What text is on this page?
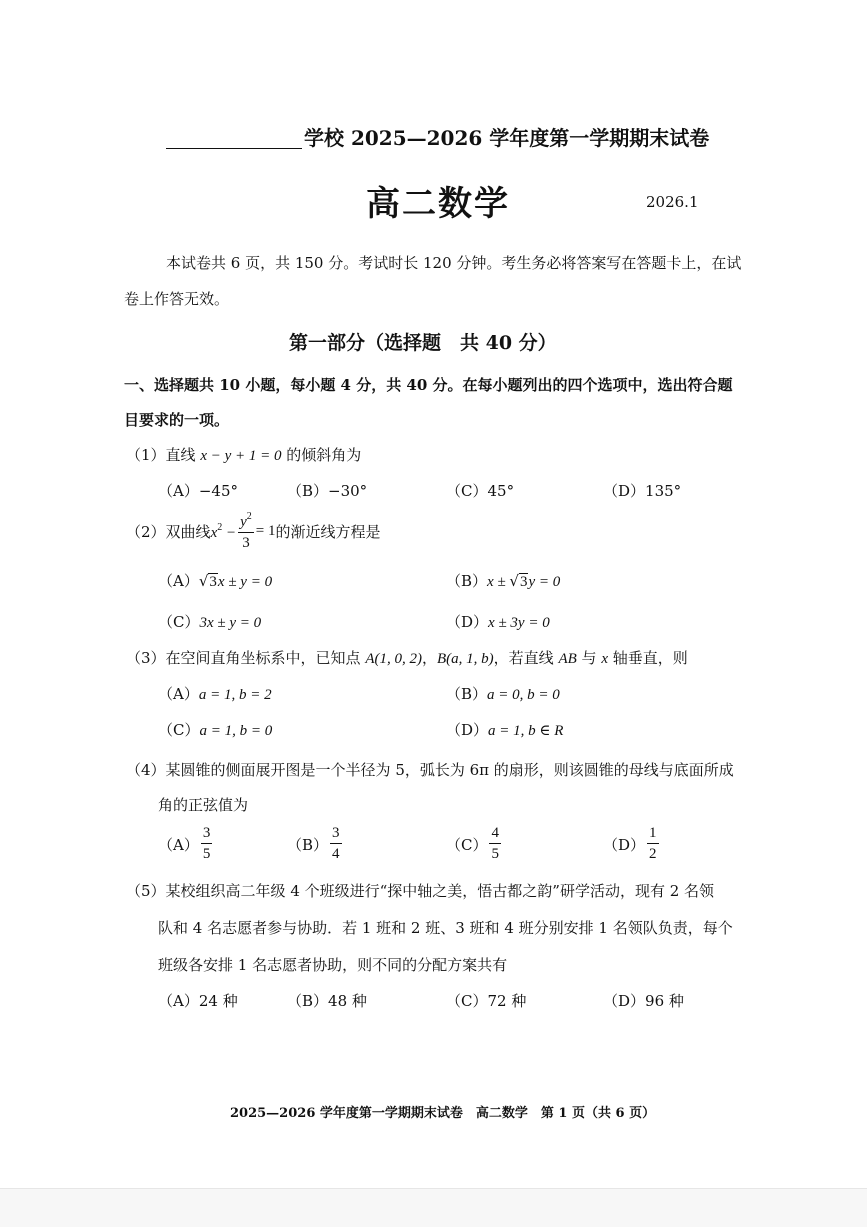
学校 2025—2026 学年度第一学期期末试卷
高二数学	2026.1
本试卷共 6 页，共 150 分。考试时长 120 分钟。考生务必将答案写在答题卡上，在试
卷上作答无效。
第一部分（选择题　共 40 分）
一、选择题共 10 小题，每小题 4 分，共 40 分。在每小题列出的四个选项中，选出符合题
目要求的一项。
（1）直线 x − y + 1 = 0 的倾斜角为
（A）−45°	（B）−30°	（C）45°	（D）135°
（2） 双曲线 $x^2 - \frac{y^2}{3} = 1$ 的渐近线方程是
（A）√3x ± y = 0	（B）x ± √3y = 0
（C）3x ± y = 0	（D）x ± 3y = 0
（3）在空间直角坐标系中，已知点 A(1, 0, 2)，B(a, 1, b)，若直线 AB 与 x 轴垂直，则
（A）a = 1, b = 2	（B）a = 0, b = 0
（C）a = 1, b = 0	（D）a = 1, b ∈ R
（4）某圆锥的侧面展开图是一个半径为 5，弧长为 6π 的扇形，则该圆锥的母线与底面所成
角的正弦值为
$(A) \frac{3}{5}$	$(B) \frac{3}{4}$	$(C) \frac{4}{5}$	$(D) \frac{1}{2}$
（5）某校组织高二年级 4 个班级进行“探中轴之美，悟古都之韵”研学活动，现有 2 名领
队和 4 名志愿者参与协助．若 1 班和 2 班、3 班和 4 班分别安排 1 名领队负责，每个
班级各安排 1 名志愿者协助，则不同的分配方案共有
（A）24 种	（B）48 种	（C）72 种	（D）96 种
2025—2026 学年度第一学期期末试卷　高二数学　第 1 页（共 6 页）
